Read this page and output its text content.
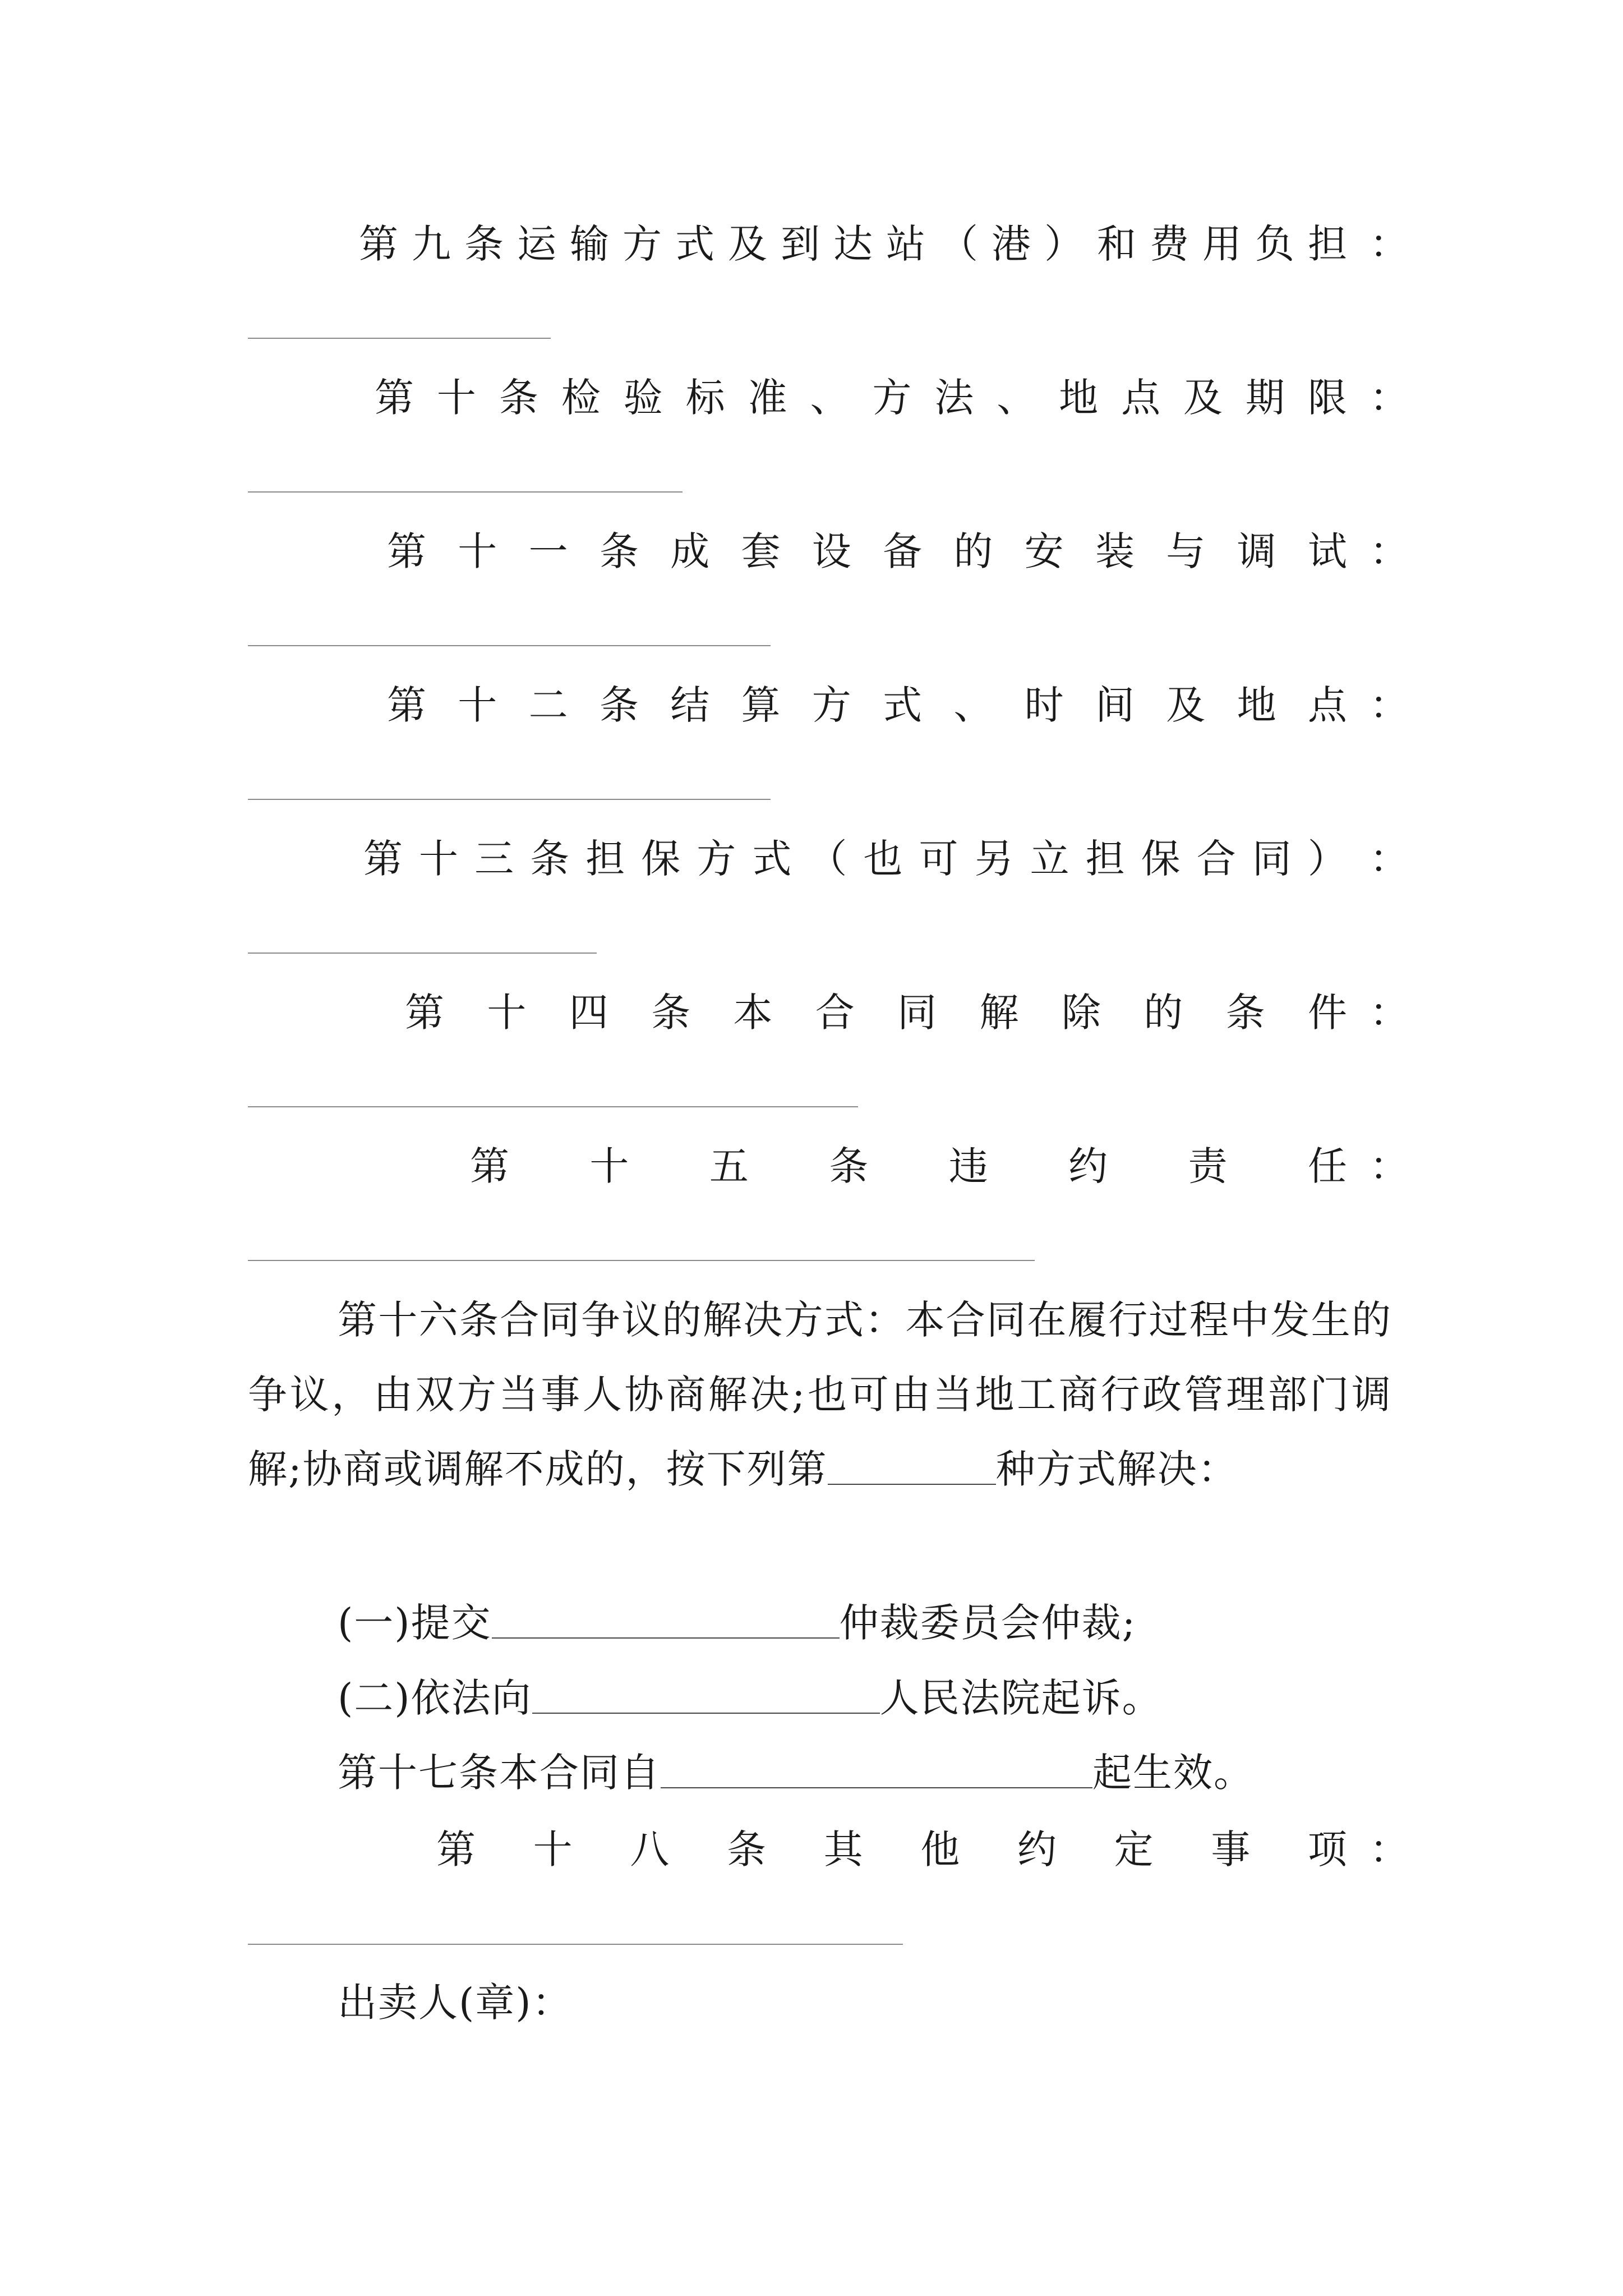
第 九 条 运 输 方 式 及 到 达 站 （ 港 ） 和 费 用 负 担 ：
第 十 条 检 验 标 准 、 方 法 、 地 点 及 期 限 ：
第 十 一 条 成 套 设 备 的 安 装 与 调 试 ：
第 十 二 条 结 算 方 式 、 时 间 及 地 点 ：
第 十 三 条 担 保 方 式 （ 也 可 另 立 担 保 合 同 ） ：
第 十 四 条 本 合 同 解 除 的 条 件 ：
第 十 五 条 违 约 责 任 ：
第十六条合同争议的解决方式：本合同在履行过程中发生的争议，由双方当事人协商解决;也可由当地工商行政管理部门调解;协商或调解不成的，按下列第	种方式解决：
(一)提交	仲裁委员会仲裁;
(二)依法向	人民法院起诉。
第十七条本合同自	起生效。
第 十 八 条 其 他 约 定 事 项 ：
出卖人(章)：
